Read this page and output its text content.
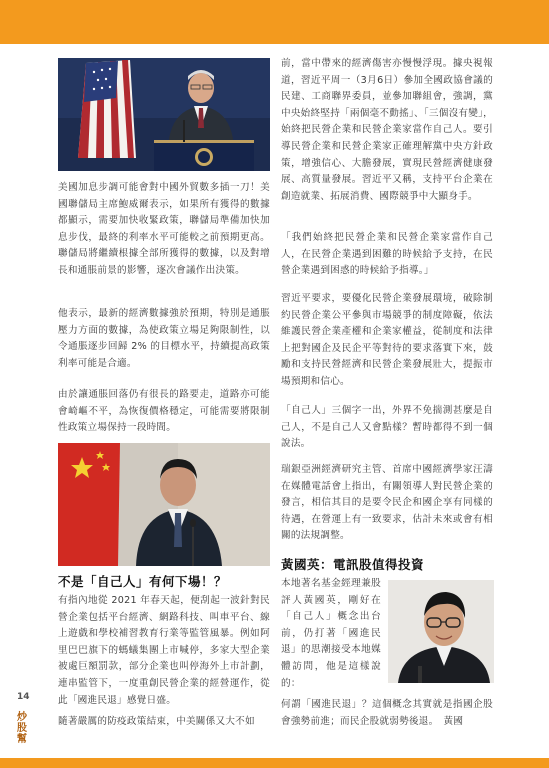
美國加息步調可能會對中國外貿數多插一刀！美國聯儲局主席鮑威爾表示，如果所有獲得的數據都顯示，需要加快收緊政策，聯儲局準備加快加息步伐，最終的利率水平可能較之前預期更高。聯儲局將繼續根據全部所獲得的數據，以及對增長和通脹前景的影響，逐次會議作出決策。

他表示，最新的經濟數據強於預期，特別是通脹壓力方面的數據，為使政策立場足夠限制性，以令通脹逐步回歸 2% 的目標水平，持續提高政策利率可能是合適。

由於讓通脹回落仍有很長的路要走，道路亦可能會崎嶇不平，為恢復價格穩定，可能需要將限制性政策立場保持一段時間。

不是「自己人」有何下場！？

有指內地從 2021 年春天起，便刮起一波針對民營企業包括平台經濟、網路科技、叫車平台、線上遊戲和學校補習教育行業等監管風暴。例如阿里巴巴旗下的螞蟻集團上市喊停，多家大型企業被處巨額罰款，部分企業也叫停海外上市計劃，連串監管下，一度重創民營企業的經營運作，從此「國進民退」感覺日盛。

隨著嚴厲的防疫政策結束，中美關係又大不如

前，當中帶來的經濟傷害亦慢慢浮現。據央視報道，習近平周一（3月6日）參加全國政協會議的民建、工商聯界委員，並參加聯組會，強調，黨中央始終堅持「兩個毫不動搖」、「三個沒有變」，始終把民營企業和民營企業家當作自己人。要引導民營企業和民營企業家正確理解黨中央方針政策，增強信心、大膽發展，實現民營經濟健康發展、高質量發展。習近平又稱，支持平台企業在創造就業、拓展消費、國際競爭中大顯身手。

「我們始終把民營企業和民營企業家當作自己人，在民營企業遇到困難的時候給予支持，在民營企業遇到困惑的時候給予指導。」

習近平要求，要優化民營企業發展環境，破除制約民營企業公平參與市場競爭的制度障礙，依法維護民營企業產權和企業家權益，從制度和法律上把對國企及民企平等對待的要求落實下來，鼓勵和支持民營經濟和民營企業發展壯大，提振市場預期和信心。

「自己人」三個字一出，外界不免揣測甚麼是自己人，不是自己人又會點樣？暫時都得不到一個說法。

瑞銀亞洲經濟研究主管、首席中國經濟學家汪濤在媒體電話會上指出，有關領導人對民營企業的發言，相信其目的是要令民企和國企享有同樣的待遇，在營運上有一致要求，估計未來或會有相關的法規調整。

黃國英：電訊股值得投資

本地著名基金經理兼股評人黃國英，剛好在「自己人」概念出台前，仍打著「國進民退」的思潮接受本地媒體訪問，他是這樣說的：

何謂「國進民退」？這個概念其實就是指國企股會強勢前進；而民企股就弱勢後退。　黃國

14
炒股幫
